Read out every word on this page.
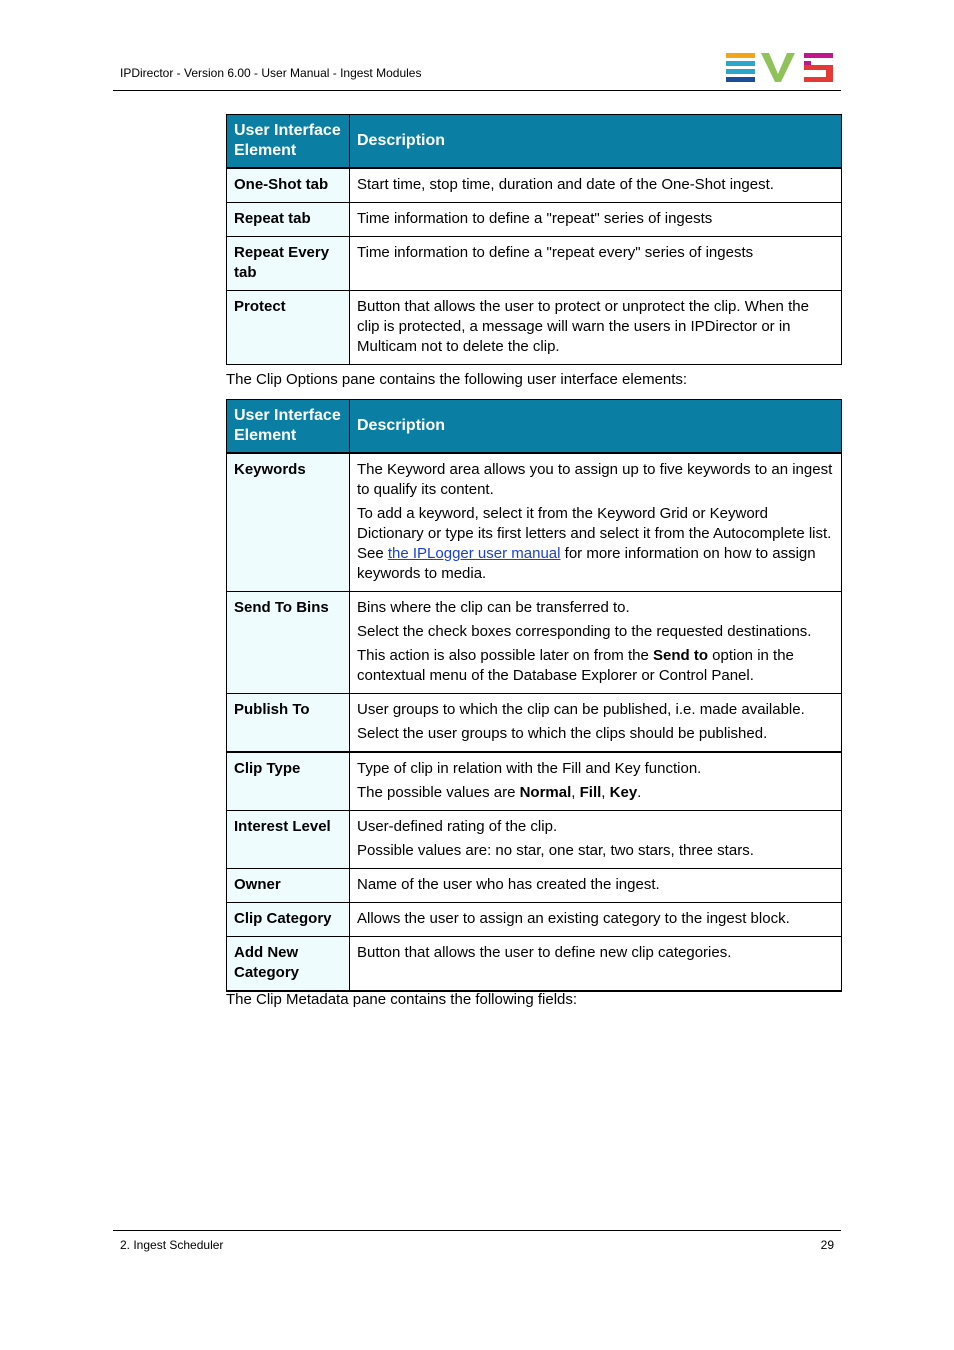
IPDirector - Version 6.00 - User Manual - Ingest Modules
User Interface Element	Description
One-Shot tab	Start time, stop time, duration and date of the One-Shot ingest.
Repeat tab	Time information to define a "repeat" series of ingests
Repeat Every tab	Time information to define a "repeat every" series of ingests
Protect	Button that allows the user to protect or unprotect the clip. When the clip is protected, a message will warn the users in IPDirector or in Multicam not to delete the clip.
The Clip Options pane contains the following user interface elements:
User Interface Element	Description
Keywords	The Keyword area allows you to assign up to five keywords to an ingest to qualify its content.

To add a keyword, select it from the Keyword Grid or Keyword Dictionary or type its first letters and select it from the Autocomplete list. See the IPLogger user manual for more information on how to assign keywords to media.

Send To Bins	Bins where the clip can be transferred to.

Select the check boxes corresponding to the requested destinations.

This action is also possible later on from the Send to option in the contextual menu of the Database Explorer or Control Panel.

Publish To	User groups to which the clip can be published, i.e. made available.

Select the user groups to which the clips should be published.

Clip Type	Type of clip in relation with the Fill and Key function.

The possible values are Normal, Fill, Key.

Interest Level	User-defined rating of the clip.

Possible values are: no star, one star, two stars, three stars.

Owner	Name of the user who has created the ingest.
Clip Category	Allows the user to assign an existing category to the ingest block.
Add New Category	Button that allows the user to define new clip categories.
The Clip Metadata pane contains the following fields:
2. Ingest Scheduler	29
